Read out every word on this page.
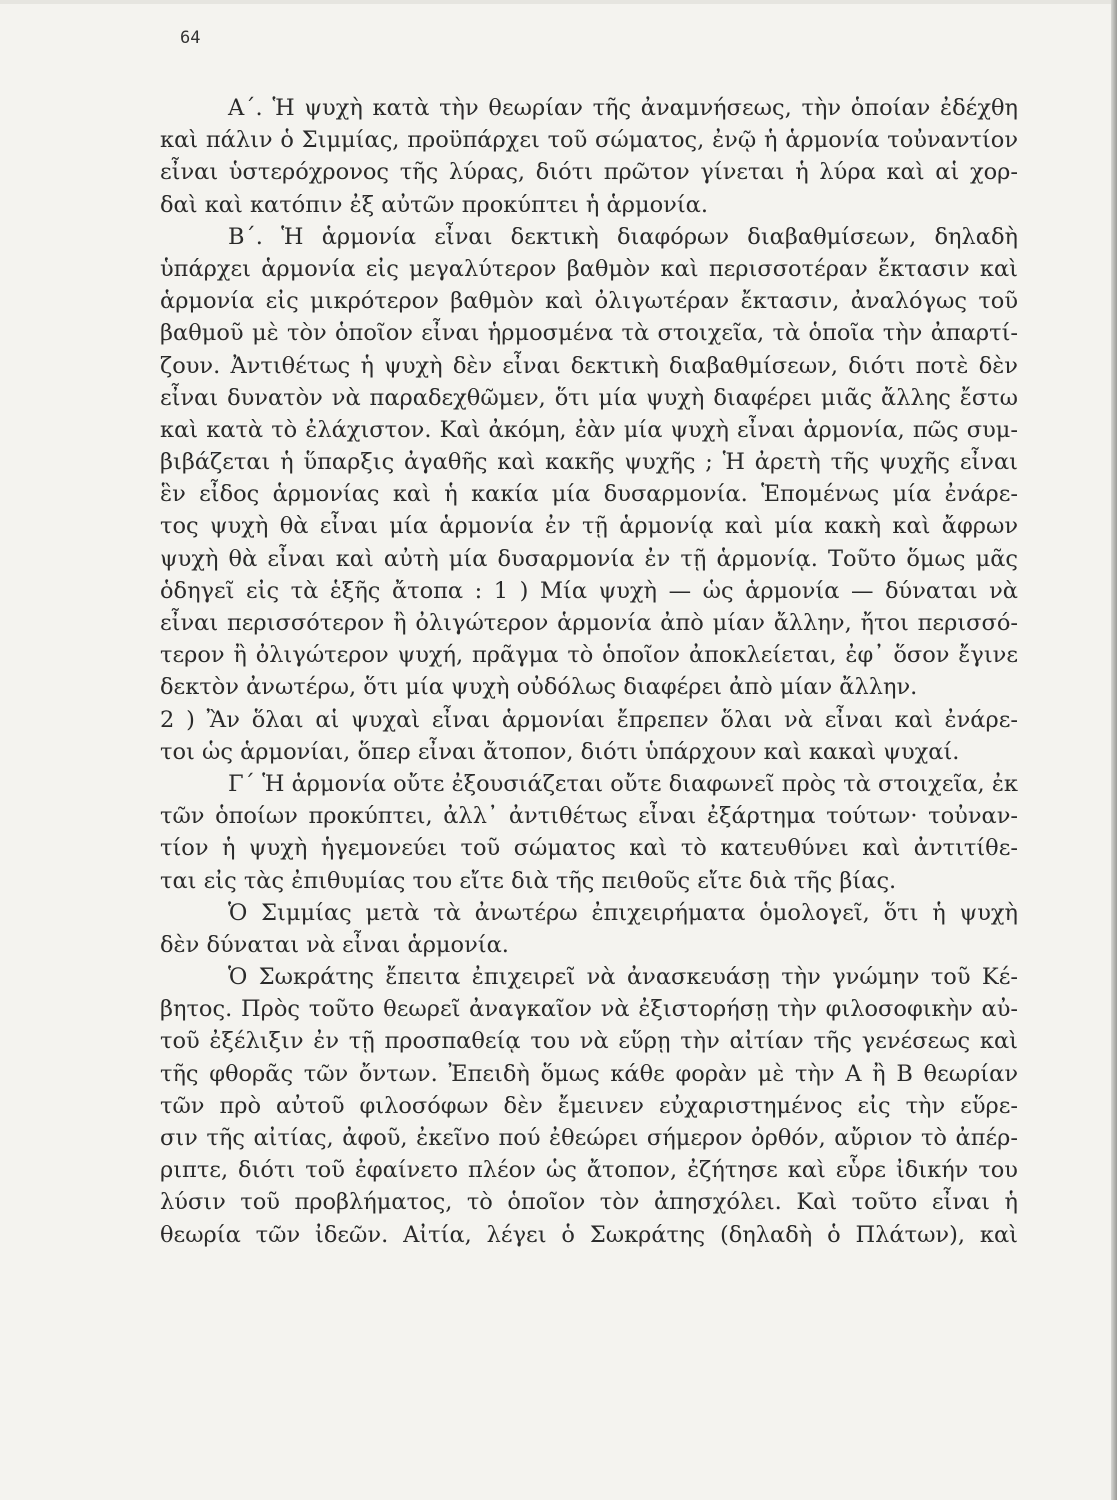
64
Α΄. Ἡ ψυχὴ κατὰ τὴν θεωρίαν τῆς ἀναμνήσεως, τὴν ὁποίαν ἐδέχθη
καὶ πάλιν ὁ Σιμμίας, προϋπάρχει τοῦ σώματος, ἐνῷ ἡ ἁρμονία τοὐναντίον
εἶναι ὑστερόχρονος τῆς λύρας, διότι πρῶτον γίνεται ἡ λύρα καὶ αἱ χορ-
δαὶ καὶ κατόπιν ἐξ αὐτῶν προκύπτει ἡ ἁρμονία.
Β΄. Ἡ ἁρμονία εἶναι δεκτικὴ διαφόρων διαβαθμίσεων, δηλαδὴ
ὑπάρχει ἁρμονία εἰς μεγαλύτερον βαθμὸν καὶ περισσοτέραν ἔκτασιν καὶ
ἁρμονία εἰς μικρότερον βαθμὸν καὶ ὀλιγωτέραν ἔκτασιν, ἀναλόγως τοῦ
βαθμοῦ μὲ τὸν ὁποῖον εἶναι ἡρμοσμένα τὰ στοιχεῖα, τὰ ὁποῖα τὴν ἀπαρτί-
ζουν. Ἀντιθέτως ἡ ψυχὴ δὲν εἶναι δεκτικὴ διαβαθμίσεων, διότι ποτὲ δὲν
εἶναι δυνατὸν νὰ παραδεχθῶμεν, ὅτι μία ψυχὴ διαφέρει μιᾶς ἄλλης ἔστω
καὶ κατὰ τὸ ἐλάχιστον. Καὶ ἀκόμη, ἐὰν μία ψυχὴ εἶναι ἁρμονία, πῶς συμ-
βιβάζεται ἡ ὕπαρξις ἀγαθῆς καὶ κακῆς ψυχῆς ; Ἡ ἀρετὴ τῆς ψυχῆς εἶναι
ἓν εἶδος ἁρμονίας καὶ ἡ κακία μία δυσαρμονία. Ἑπομένως μία ἐνάρε-
τος ψυχὴ θὰ εἶναι μία ἁρμονία ἐν τῇ ἁρμονίᾳ καὶ μία κακὴ καὶ ἄφρων
ψυχὴ θὰ εἶναι καὶ αὐτὴ μία δυσαρμονία ἐν τῇ ἁρμονίᾳ. Τοῦτο ὅμως μᾶς
ὁδηγεῖ εἰς τὰ ἑξῆς ἄτοπα : 1 ) Μία ψυχὴ — ὡς ἁρμονία — δύναται νὰ
εἶναι περισσότερον ἢ ὀλιγώτερον ἁρμονία ἀπὸ μίαν ἄλλην, ἤτοι περισσό-
τερον ἢ ὀλιγώτερον ψυχή, πρᾶγμα τὸ ὁποῖον ἀποκλείεται, ἐφ᾽ ὅσον ἔγινε
δεκτὸν ἀνωτέρω, ὅτι μία ψυχὴ οὐδόλως διαφέρει ἀπὸ μίαν ἄλλην.
2 ) Ἂν ὅλαι αἱ ψυχαὶ εἶναι ἁρμονίαι ἔπρεπεν ὅλαι νὰ εἶναι καὶ ἐνάρε-
τοι ὡς ἁρμονίαι, ὅπερ εἶναι ἄτοπον, διότι ὑπάρχουν καὶ κακαὶ ψυχαί.
Γ΄ Ἡ ἁρμονία οὔτε ἐξουσιάζεται οὔτε διαφωνεῖ πρὸς τὰ στοιχεῖα, ἐκ
τῶν ὁποίων προκύπτει, ἀλλ᾽ ἀντιθέτως εἶναι ἐξάρτημα τούτων· τοὐναν-
τίον ἡ ψυχὴ ἡγεμονεύει τοῦ σώματος καὶ τὸ κατευθύνει καὶ ἀντιτίθε-
ται εἰς τὰς ἐπιθυμίας του εἴτε διὰ τῆς πειθοῦς εἴτε διὰ τῆς βίας.
Ὁ Σιμμίας μετὰ τὰ ἀνωτέρω ἐπιχειρήματα ὁμολογεῖ, ὅτι ἡ ψυχὴ
δὲν δύναται νὰ εἶναι ἁρμονία.
Ὁ Σωκράτης ἔπειτα ἐπιχειρεῖ νὰ ἀνασκευάσῃ τὴν γνώμην τοῦ Κέ-
βητος. Πρὸς τοῦτο θεωρεῖ ἀναγκαῖον νὰ ἐξιστορήσῃ τὴν φιλοσοφικὴν αὐ-
τοῦ ἐξέλιξιν ἐν τῇ προσπαθείᾳ του νὰ εὕρῃ τὴν αἰτίαν τῆς γενέσεως καὶ
τῆς φθορᾶς τῶν ὄντων. Ἐπειδὴ ὅμως κάθε φορὰν μὲ τὴν Α ἢ Β θεωρίαν
τῶν πρὸ αὐτοῦ φιλοσόφων δὲν ἔμεινεν εὐχαριστημένος εἰς τὴν εὕρε-
σιν τῆς αἰτίας, ἀφοῦ, ἐκεῖνο πού ἐθεώρει σήμερον ὀρθόν, αὔριον τὸ ἀπέρ-
ριπτε, διότι τοῦ ἐφαίνετο πλέον ὡς ἄτοπον, ἐζήτησε καὶ εὗρε ἰδικήν του
λύσιν τοῦ προβλήματος, τὸ ὁποῖον τὸν ἀπησχόλει. Καὶ τοῦτο εἶναι ἡ
θεωρία τῶν ἰδεῶν. Αἰτία, λέγει ὁ Σωκράτης (δηλαδὴ ὁ Πλάτων), καὶ
